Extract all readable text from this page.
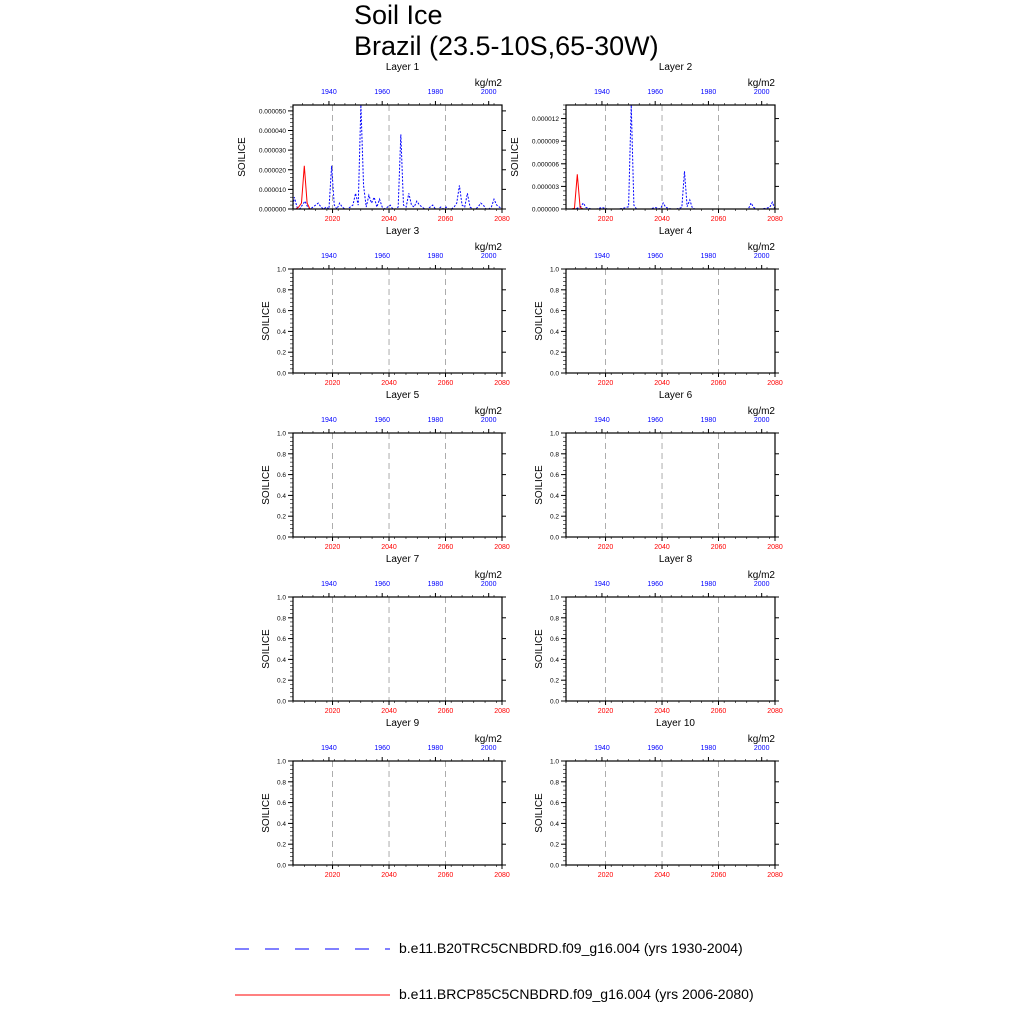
Soil Ice
Brazil (23.5-10S,65-30W)
0.000000
0.000010
0.000020
0.000030
0.000040
0.000050
2020	2040	2060	2080
1940	1960	1980	2000
Layer 1
kg/m2
SOILICE
0.000000
0.000003
0.000006
0.000009
0.000012
2020	2040	2060	2080
1940	1960	1980	2000
Layer 2
kg/m2
SOILICE
0.0
0.2
0.4
0.6
0.8
1.0
2020	2040	2060	2080
1940	1960	1980	2000
Layer 3
kg/m2
SOILICE
0.0
0.2
0.4
0.6
0.8
1.0
2020	2040	2060	2080
1940	1960	1980	2000
Layer 4
kg/m2
SOILICE
0.0
0.2
0.4
0.6
0.8
1.0
2020	2040	2060	2080
1940	1960	1980	2000
Layer 5
kg/m2
SOILICE
0.0
0.2
0.4
0.6
0.8
1.0
2020	2040	2060	2080
1940	1960	1980	2000
Layer 6
kg/m2
SOILICE
0.0
0.2
0.4
0.6
0.8
1.0
2020	2040	2060	2080
1940	1960	1980	2000
Layer 7
kg/m2
SOILICE
0.0
0.2
0.4
0.6
0.8
1.0
2020	2040	2060	2080
1940	1960	1980	2000
Layer 8
kg/m2
SOILICE
0.0
0.2
0.4
0.6
0.8
1.0
2020	2040	2060	2080
1940	1960	1980	2000
Layer 9
kg/m2
SOILICE
0.0
0.2
0.4
0.6
0.8
1.0
2020	2040	2060	2080
1940	1960	1980	2000
Layer 10
kg/m2
SOILICE
b.e11.B20TRC5CNBDRD.f09_g16.004 (yrs 1930-2004)
b.e11.BRCP85C5CNBDRD.f09_g16.004 (yrs 2006-2080)
